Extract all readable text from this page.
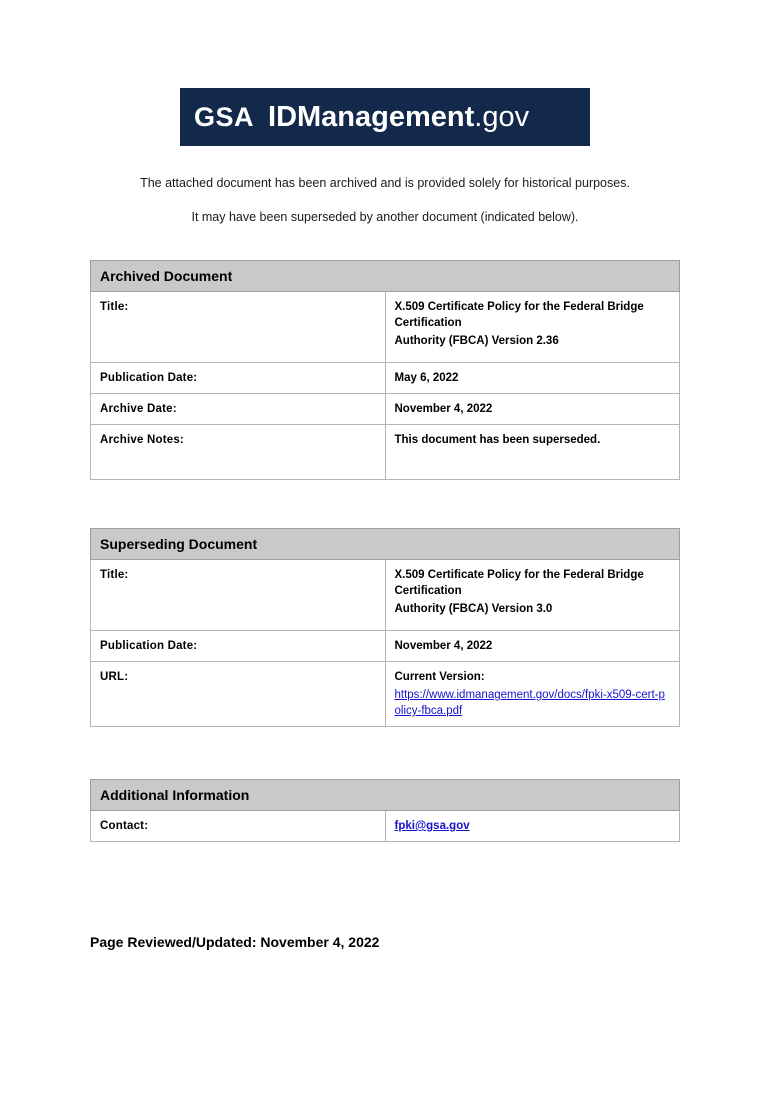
GSA IDManagement.gov

The attached document has been archived and is provided solely for historical purposes.

It may have been superseded by another document (indicated below).

Archived Document	
Title:	X.509 Certificate Policy for the Federal Bridge Certification
Authority (FBCA) Version 2.36

Publication Date:	May 6, 2022
Archive Date:	November 4, 2022
Archive Notes:	This document has been superseded.
Superseding Document	
Title:	X.509 Certificate Policy for the Federal Bridge Certification
Authority (FBCA) Version 3.0

Publication Date:	November 4, 2022
URL:	Current Version:
https://www.idmanagement.gov/docs/fpki-x509-cert-policy-fbca.pdf
Additional Information
Contact:	fpki@gsa.gov
Page Reviewed/Updated: November 4, 2022
